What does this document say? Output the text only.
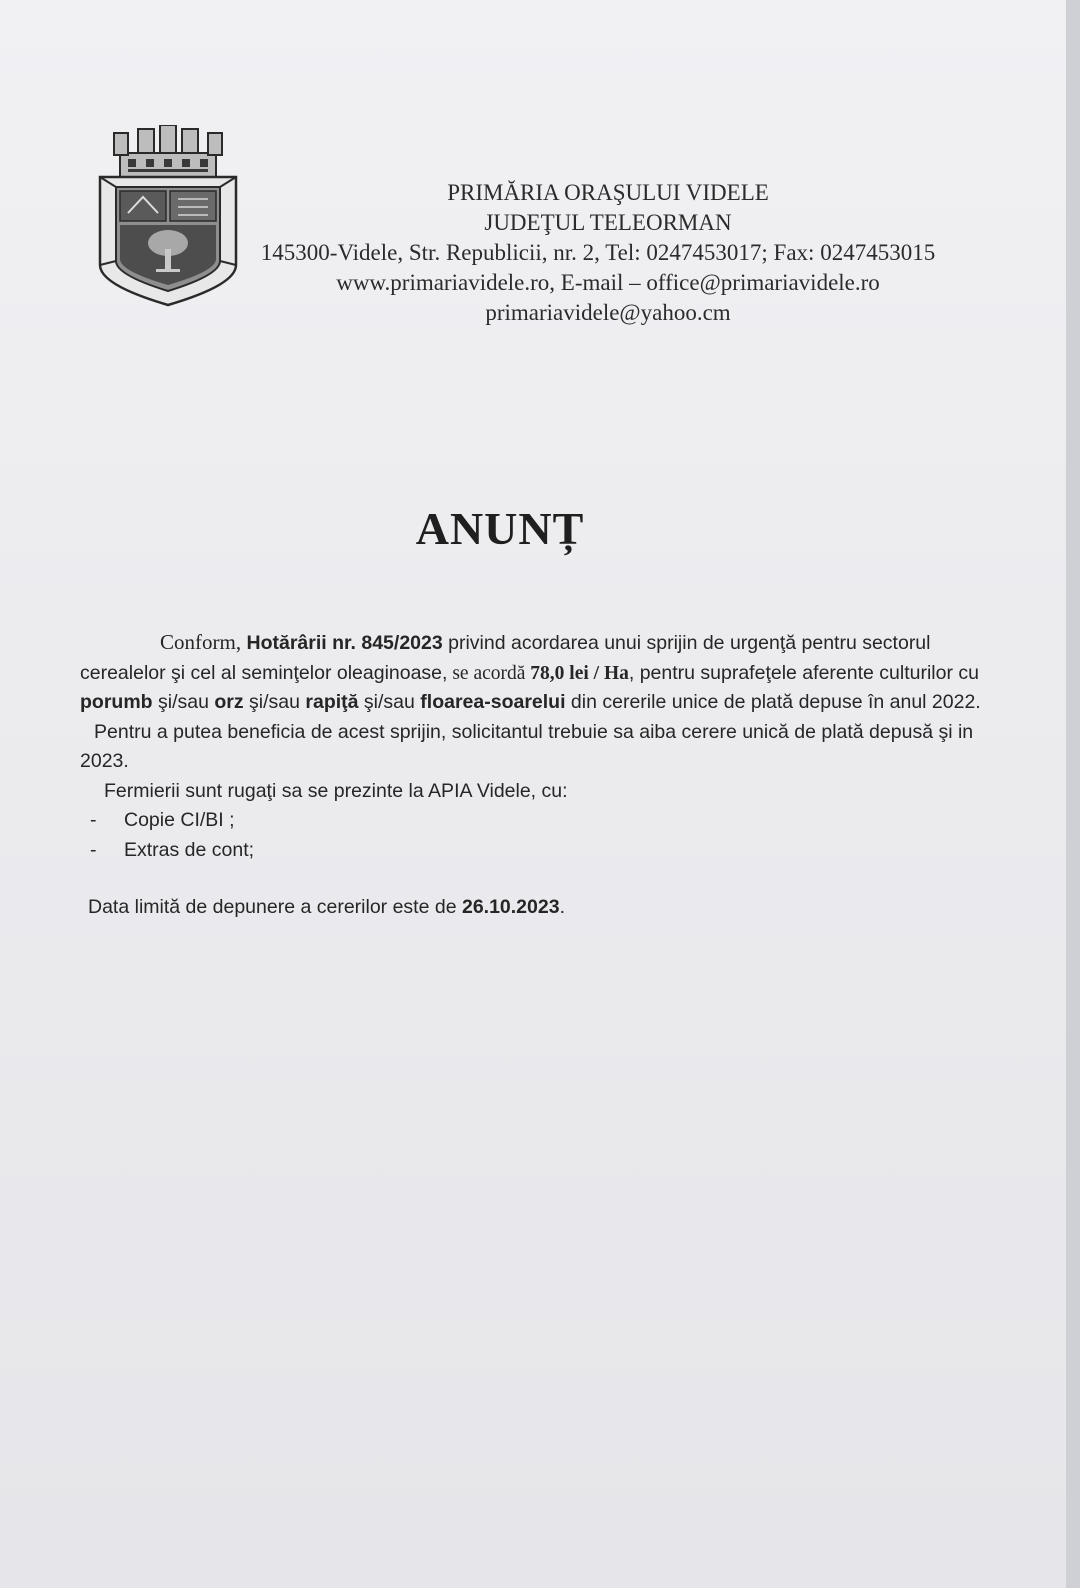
PRIMĂRIA ORAŞULUI VIDELE
JUDEŢUL TELEORMAN
145300-Videle, Str. Republicii, nr. 2, Tel: 0247453017; Fax: 0247453015
www.primariavidele.ro, E-mail – office@primariavidele.ro
primariavidele@yahoo.cm
ANUNȚ

Conform, Hotărârii nr. 845/2023 privind acordarea unui sprijin de urgenţă pentru sectorul cerealelor şi cel al seminţelor oleaginoase, se acordă 78,0 lei / Ha, pentru suprafeţele aferente culturilor cu porumb şi/sau orz şi/sau rapiţă şi/sau floarea-soarelui din cererile unice de plată depuse în anul 2022.

Pentru a putea beneficia de acest sprijin, solicitantul trebuie sa aiba cerere unică de plată depusă şi in 2023.

Fermierii sunt rugaţi sa se prezinte la APIA Videle, cu:

- Copie CI/BI ;
- Extras de cont;

Data limită de depunere a cererilor este de 26.10.2023.
